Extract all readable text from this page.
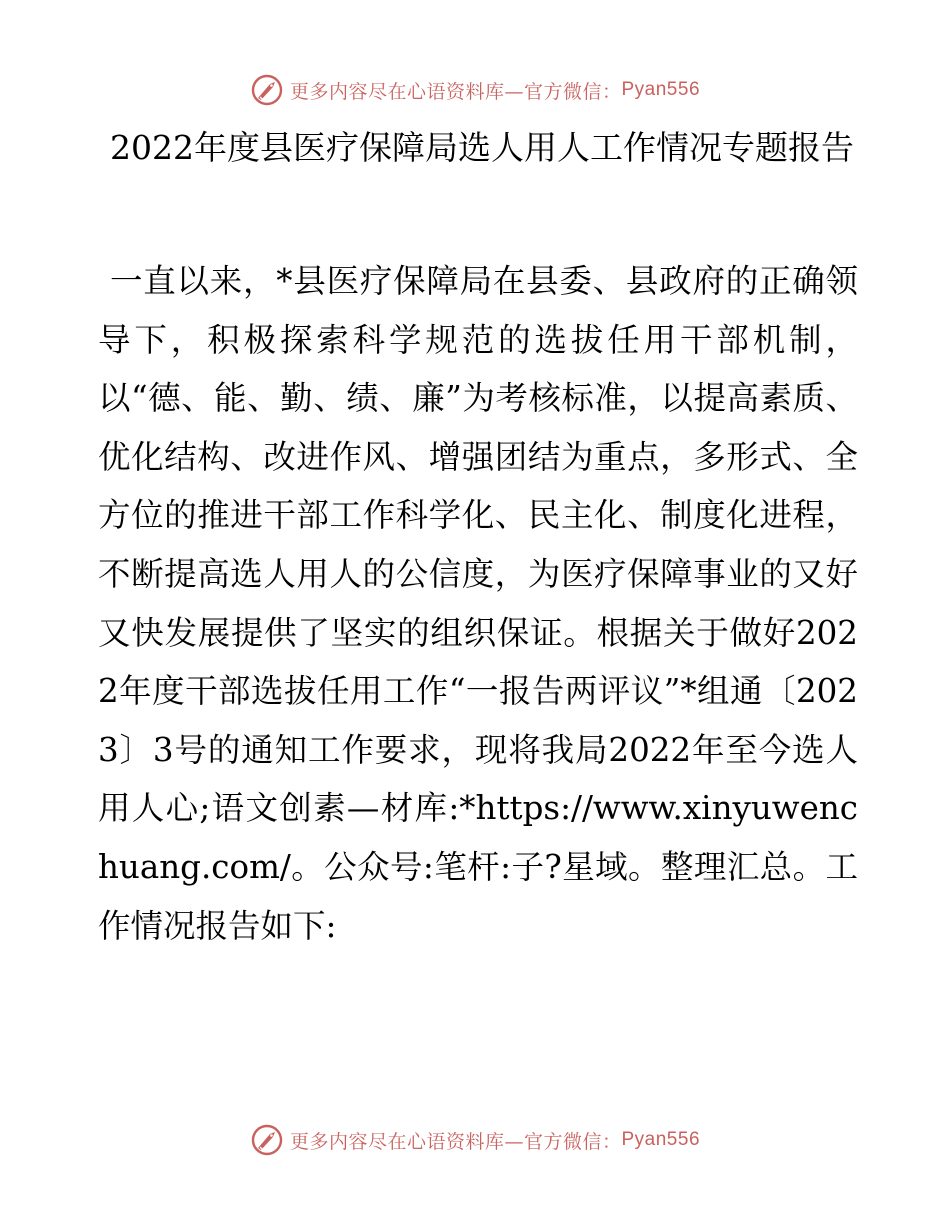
更多内容尽在心语资料库—官方微信： Pyan556
2022年度县医疗保障局选人用人工作情况专题报告

一直以来，*县医疗保障局在县委、县政府的正确领导下，积极探索科学规范的选拔任用干部机制，以“德、能、勤、绩、廉”为考核标准，以提高素质、优化结构、改进作风、增强团结为重点，多形式、全方位的推进干部工作科学化、民主化、制度化进程，不断提高选人用人的公信度，为医疗保障事业的又好又快发展提供了坚实的组织保证。根据关于做好2022年度干部选拔任用工作“一报告两评议”*组通〔2023〕3号的通知工作要求，现将我局2022年至今选人用人心;语文创素—材库:*https://www.xinyuwenchuang.com/。公众号:笔杆:子?星域。整理汇总。工作情况报告如下:

更多内容尽在心语资料库—官方微信： Pyan556
